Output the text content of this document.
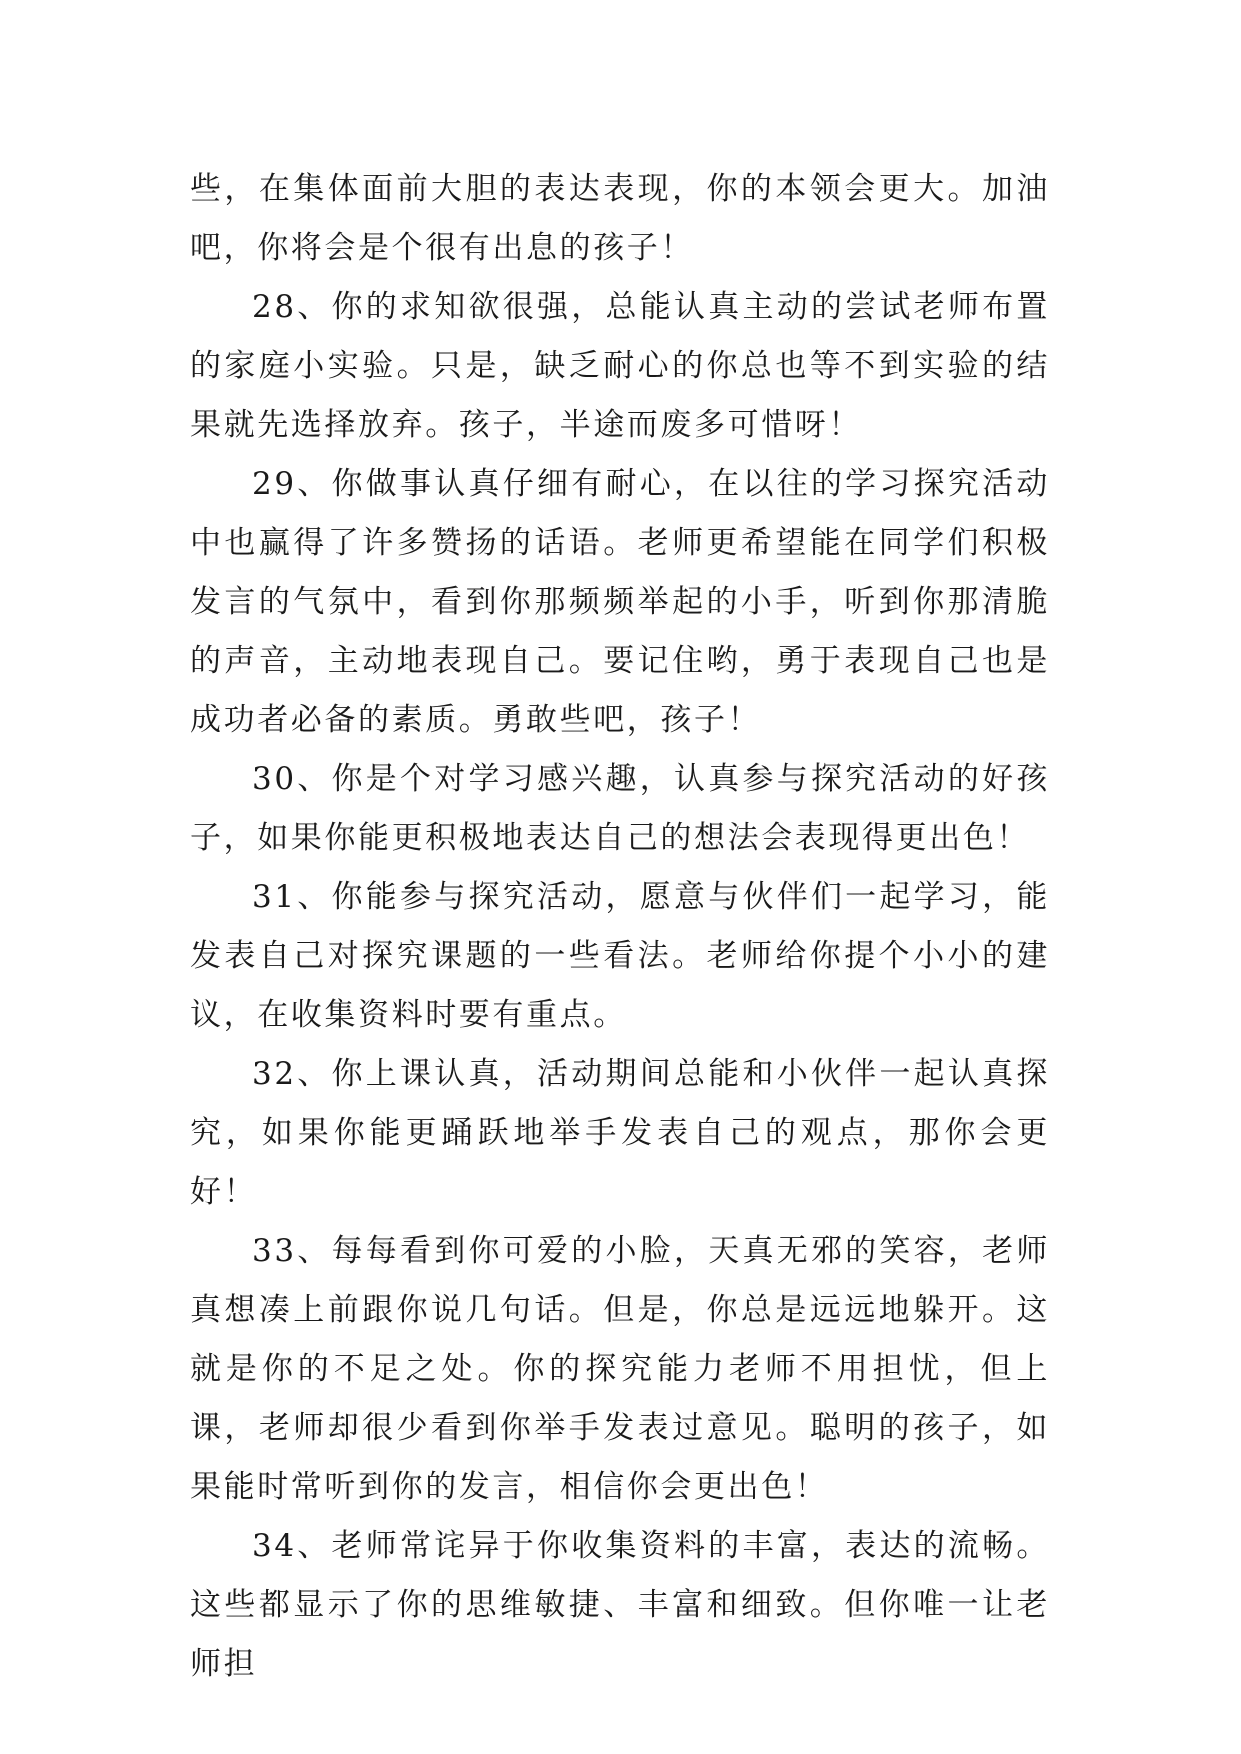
些，在集体面前大胆的表达表现，你的本领会更大。加油吧，你将会是个很有出息的孩子！

28、你的求知欲很强，总能认真主动的尝试老师布置的家庭小实验。只是，缺乏耐心的你总也等不到实验的结果就先选择放弃。孩子，半途而废多可惜呀！

29、你做事认真仔细有耐心，在以往的学习探究活动中也赢得了许多赞扬的话语。老师更希望能在同学们积极发言的气氛中，看到你那频频举起的小手，听到你那清脆的声音，主动地表现自己。要记住哟，勇于表现自己也是成功者必备的素质。勇敢些吧，孩子！

30、你是个对学习感兴趣，认真参与探究活动的好孩子，如果你能更积极地表达自己的想法会表现得更出色！

31、你能参与探究活动，愿意与伙伴们一起学习，能发表自己对探究课题的一些看法。老师给你提个小小的建议，在收集资料时要有重点。

32、你上课认真，活动期间总能和小伙伴一起认真探究，如果你能更踊跃地举手发表自己的观点，那你会更好！

33、每每看到你可爱的小脸，天真无邪的笑容，老师真想凑上前跟你说几句话。但是，你总是远远地躲开。这就是你的不足之处。你的探究能力老师不用担忧，但上课，老师却很少看到你举手发表过意见。聪明的孩子，如果能时常听到你的发言，相信你会更出色！

34、老师常诧异于你收集资料的丰富，表达的流畅。这些都显示了你的思维敏捷、丰富和细致。但你唯一让老师担
